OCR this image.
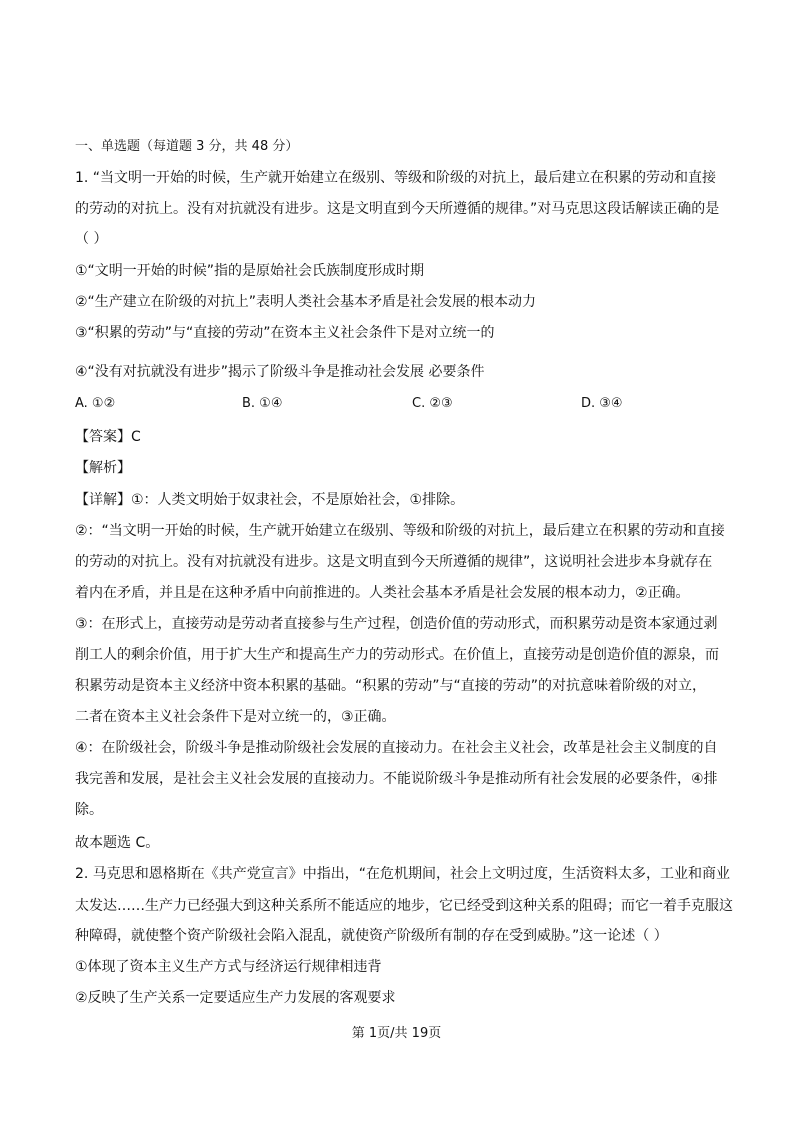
一、单选题（每道题 3 分，共 48 分）
1. “当文明一开始的时候，生产就开始建立在级别、等级和阶级的对抗上，最后建立在积累的劳动和直接
的劳动的对抗上。没有对抗就没有进步。这是文明直到今天所遵循的规律。”对马克思这段话解读正确的是
（ ）
①“文明一开始的时候”指的是原始社会氏族制度形成时期
②“生产建立在阶级的对抗上”表明人类社会基本矛盾是社会发展的根本动力
③“积累的劳动”与“直接的劳动”在资本主义社会条件下是对立统一的
④“没有对抗就没有进步”揭示了阶级斗争是推动社会发展 必要条件
A. ①②	B. ①④	C. ②③	D. ③④
【答案】C
【解析】
【详解】①：人类文明始于奴隶社会，不是原始社会，①排除。
②：“当文明一开始的时候，生产就开始建立在级别、等级和阶级的对抗上，最后建立在积累的劳动和直接
的劳动的对抗上。没有对抗就没有进步。这是文明直到今天所遵循的规律”，这说明社会进步本身就存在
着内在矛盾，并且是在这种矛盾中向前推进的。人类社会基本矛盾是社会发展的根本动力，②正确。
③：在形式上，直接劳动是劳动者直接参与生产过程，创造价值的劳动形式，而积累劳动是资本家通过剥
削工人的剩余价值，用于扩大生产和提高生产力的劳动形式。在价值上，直接劳动是创造价值的源泉，而
积累劳动是资本主义经济中资本积累的基础。“积累的劳动”与“直接的劳动”的对抗意味着阶级的对立，
二者在资本主义社会条件下是对立统一的，③正确。
④：在阶级社会，阶级斗争是推动阶级社会发展的直接动力。在社会主义社会，改革是社会主义制度的自
我完善和发展，是社会主义社会发展的直接动力。不能说阶级斗争是推动所有社会发展的必要条件，④排
除。
故本题选 C。
2. 马克思和恩格斯在《共产党宣言》中指出，“在危机期间，社会上文明过度，生活资料太多，工业和商业
太发达……生产力已经强大到这种关系所不能适应的地步，它已经受到这种关系的阻碍；而它一着手克服这
种障碍，就使整个资产阶级社会陷入混乱，就使资产阶级所有制的存在受到威胁。”这一论述（ ）
①体现了资本主义生产方式与经济运行规律相违背
②反映了生产关系一定要适应生产力发展的客观要求
第 1页/共 19页
